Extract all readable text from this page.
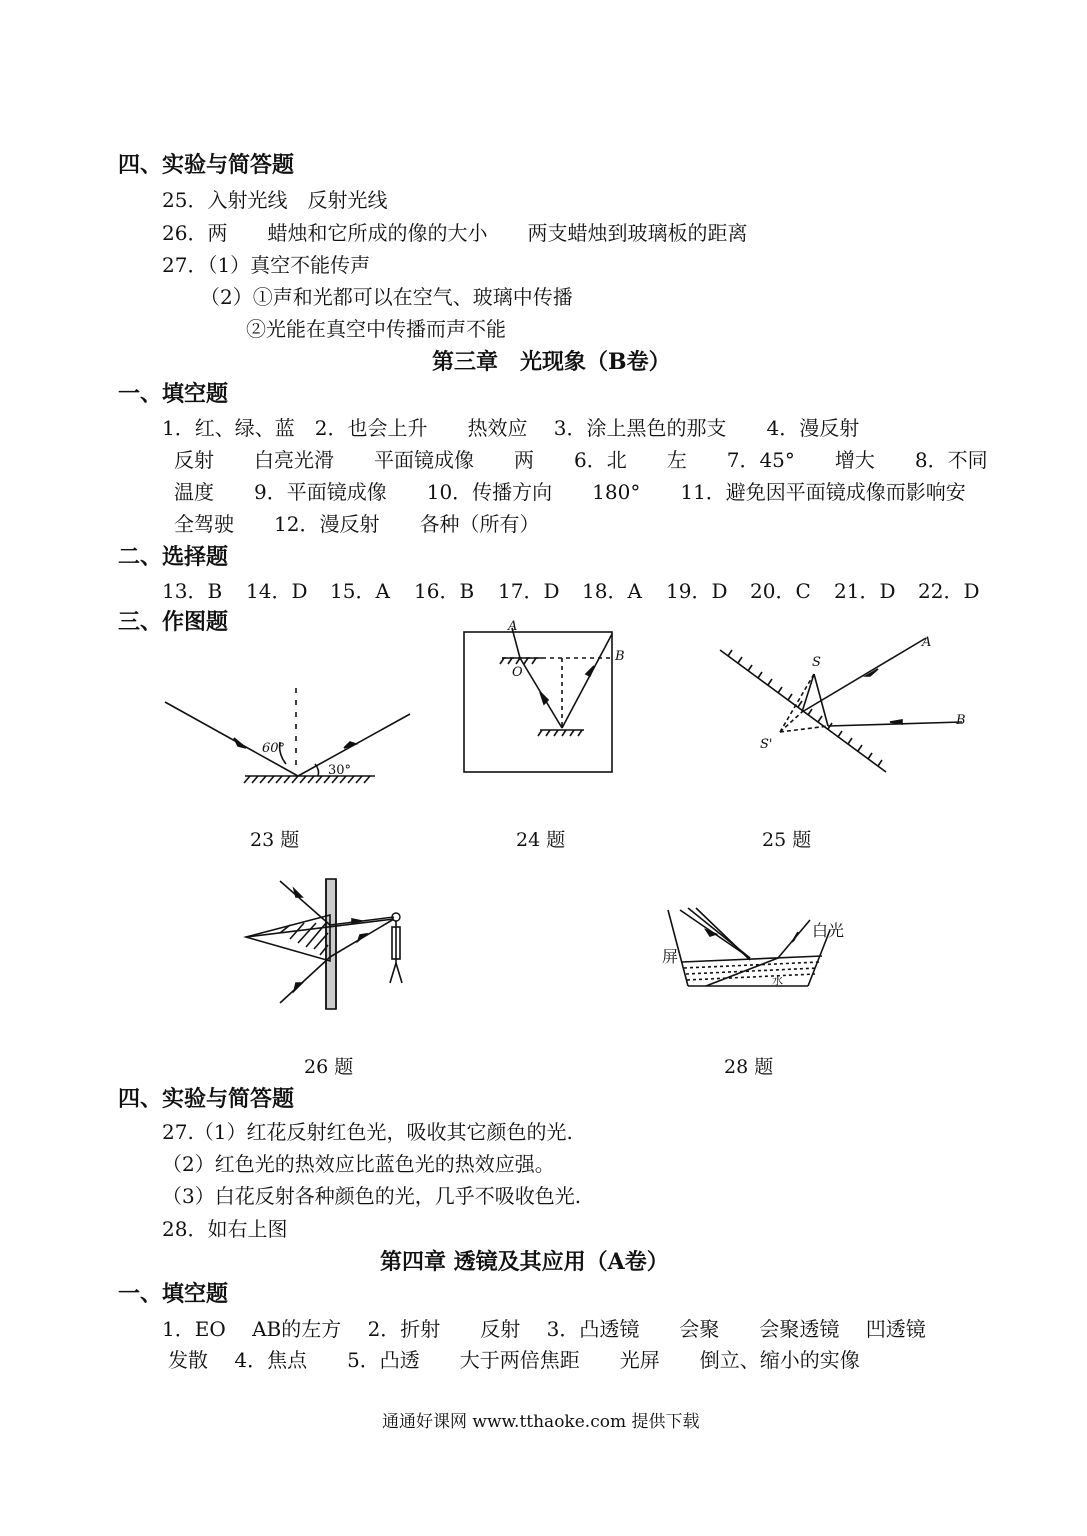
四、实验与简答题
25．入射光线　反射光线
26．两　　蜡烛和它所成的像的大小　　两支蜡烛到玻璃板的距离
27．（1）真空不能传声
（2）①声和光都可以在空气、玻璃中传播
②光能在真空中传播而声不能
第三章　光现象（B卷）
一、填空题
1．红、绿、蓝　2．也会上升　　热效应　 3．涂上黑色的那支　　4．漫反射
反射　　白亮光滑　　平面镜成像　　两　　6．北　　左　　7．45°　　增大　　8．不同
温度　　9．平面镜成像　　10．传播方向　　180°　　11．避免因平面镜成像而影响安
全驾驶　　12．漫反射　　各种（所有）
二、选择题
13．B 14．D 15．A 16．B 17．D 18．A 19．D 20．C 21．D 22．D
三、作图题
60°
30°
A
O
B	S
S'
A
B
23 题	24 题	25 题
屏
白光
水
26 题	28 题
四、实验与简答题
27.（1）红花反射红色光，吸收其它颜色的光.
（2）红色光的热效应比蓝色光的热效应强。
（3）白花反射各种颜色的光，几乎不吸收色光.
28．如右上图
第四章 透镜及其应用（A卷）
一、填空题
1．EO　 AB的左方　 2．折射　　反射　 3．凸透镜　　会聚　　会聚透镜　 凹透镜
发散　 4．焦点　　5．凸透　　大于两倍焦距　　光屏　　倒立、缩小的实像
通通好课网 www.tthaoke.com 提供下载
